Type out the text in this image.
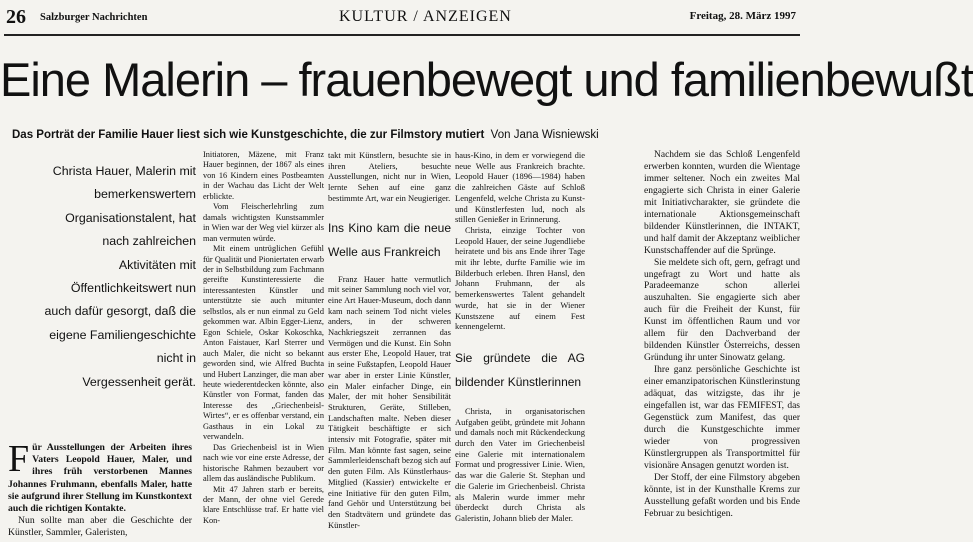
26 Salzburger Nachrichten	KULTUR / ANZEIGEN	Freitag, 28. März 1997
Eine Malerin – frauenbewegt und familienbewußt
Das Porträt der Familie Hauer liest sich wie Kunstgeschichte, die zur Filmstory mutiert Von Jana Wisniewski
Christa Hauer, Malerin mit
bemerkenswertem
Organisationstalent, hat
nach zahlreichen
Aktivitäten mit
Öffentlichkeitswert nun
auch dafür gesorgt, daß die
eigene Familiengeschichte
nicht in
Vergessenheit gerät.

Für Ausstellungen der Arbeiten ihres Vaters Leopold Hauer, Maler, und ihres früh verstorbenen Mannes Johannes Fruhmann, ebenfalls Maler, hatte sie aufgrund ihrer Stellung im Kunstkontext auch die richtigen Kontakte.

Nun sollte man aber die Geschichte der Künstler, Sammler, Galeristen,

Initiatoren, Mäzene, mit Franz Hauer beginnen, der 1867 als eines von 16 Kindern eines Postbeamten in der Wachau das Licht der Welt erblickte.

Vom Fleischerlehrling zum damals wichtigsten Kunstsammler in Wien war der Weg viel kürzer als man vermuten würde.

Mit einem untrüglichen Gefühl für Qualität und Pioniertaten erwarb der in Selbstbildung zum Fachmann gereifte Kunstinteressierte die interessantesten Künstler und unterstützte sie auch mitunter selbstlos, als er nun einmal zu Geld gekommen war. Albin Egger-Lienz, Egon Schiele, Oskar Kokoschka, Anton Faistauer, Karl Sterrer und auch Maler, die nicht so bekannt geworden sind, wie Alfred Buchta und Hubert Lanzinger, die man aber heute wiederentdecken könnte, also Künstler von Format, fanden das Interesse des „Griechenbeisl-Wirtes“, er es offenbar verstand, ein Gasthaus in ein Lokal zu verwandeln.

Das Griechenbeisl ist in Wien nach wie vor eine erste Adresse, der historische Rahmen bezaubert vor allem das ausländische Publikum.

Mit 47 Jahren starb er bereits, der Mann, der ohne viel Gerede klare Entschlüsse traf. Er hatte viel Kon-

takt mit Künstlern, besuchte sie in ihren Ateliers, besuchte Ausstellungen, nicht nur in Wien, lernte Sehen auf eine ganz bestimmte Art, war ein Neugieriger.

Ins Kino kam die neue Welle aus Frankreich

Franz Hauer hatte vermutlich mit seiner Sammlung noch viel vor, eine Art Hauer-Museum, doch dann kam nach seinem Tod nicht vieles anders, in der schweren Nachkriegszeit zerrannen das Vermögen und die Kunst. Ein Sohn aus erster Ehe, Leopold Hauer, trat in seine Fußstapfen, Leopold Hauer war aber in erster Linie Künstler, ein Maler einfacher Dinge, ein Maler, der mit hoher Sensibilität Strukturen, Geräte, Stilleben, Landschaften malte. Neben dieser Tätigkeit beschäftigte er sich intensiv mit Fotografie, später mit Film. Man könnte fast sagen, seine Sammlerleidenschaft bezog sich auf den guten Film. Als Künstlerhaus-Mitglied (Kassier) entwickelte er eine Initiative für den guten Film, fand Gehör und Unterstützung bei den Stadtvätern und gründete das Künstler-

haus-Kino, in dem er vorwiegend die neue Welle aus Frankreich brachte. Leopold Hauer (1896—1984) haben die zahlreichen Gäste auf Schloß Lengenfeld, welche Christa zu Kunst- und Künstlerfesten lud, noch als stillen Genießer in Erinnerung.

Christa, einzige Tochter von Leopold Hauer, der seine Jugendliebe heiratete und bis ans Ende ihrer Tage mit ihr lebte, durfte Familie wie im Bilderbuch erleben. Ihren Hansl, den Johann Fruhmann, der als bemerkenswertes Talent gehandelt wurde, hat sie in der Wiener Kunstszene auf einem Fest kennengelernt.

Sie gründete die AG bildender Künstlerinnen

Christa, in organisatorischen Aufgaben geübt, gründete mit Johann und damals noch mit Rückendeckung durch den Vater im Griechenbeisl eine Galerie mit internationalem Format und progressiver Linie. Wien, das war die Galerie St. Stephan und die Galerie im Griechenbeisl. Christa als Malerin wurde immer mehr überdeckt durch Christa als Galeristin, Johann blieb der Maler.

Nachdem sie das Schloß Lengenfeld erwerben konnten, wurden die Wientage immer seltener. Noch ein zweites Mal engagierte sich Christa in einer Galerie mit Initiativcharakter, sie gründete die internationale Aktionsgemeinschaft bildender Künstlerinnen, die INTAKT, und half damit der Akzeptanz weiblicher Kunstschaffender auf die Sprünge.

Sie meldete sich oft, gern, gefragt und ungefragt zu Wort und hatte als Paradeemanze schon allerlei auszuhalten. Sie engagierte sich aber auch für die Freiheit der Kunst, für Kunst im öffentlichen Raum und vor allem für den Dachverband der bildenden Künstler Österreichs, dessen Gründung ihr unter Sinowatz gelang.

Ihre ganz persönliche Geschichte ist einer emanzipatorischen Künstlerinstung adäquat, das witzigste, das ihr je eingefallen ist, war das FEMIFEST, das Gegenstück zum Manifest, das quer durch die Kunstgeschichte immer wieder von progressiven Künstlergruppen als Transportmittel für visionäre Ansagen genutzt worden ist.

Der Stoff, der eine Filmstory abgeben könnte, ist in der Kunsthalle Krems zur Ausstellung gefaßt worden und bis Ende Februar zu besichtigen.
